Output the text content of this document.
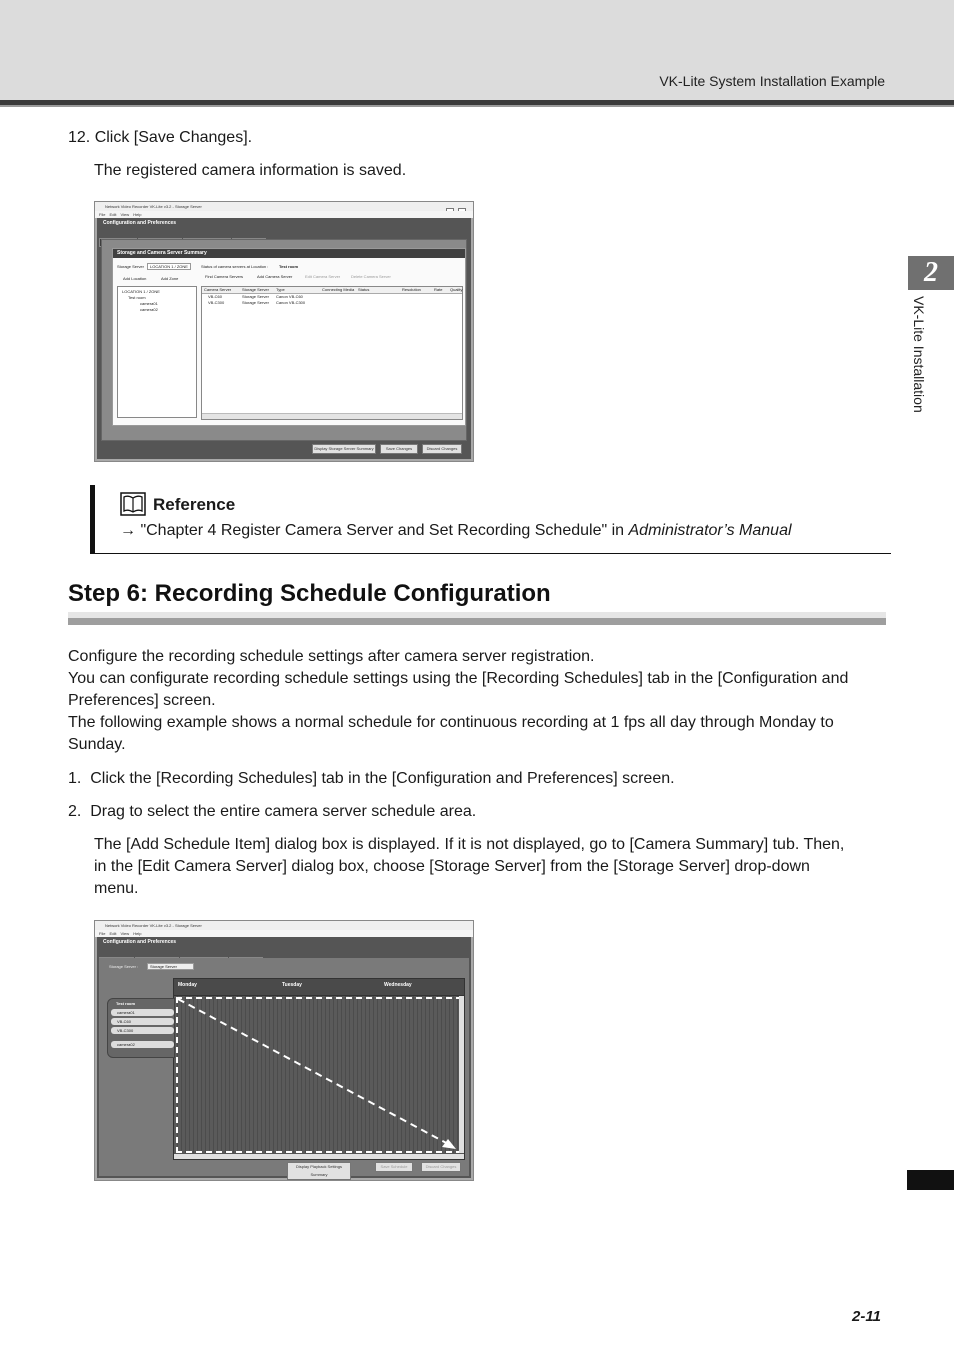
VK-Lite System Installation Example

12. Click [Save Changes].

The registered camera information is saved.

Network Video Recorder VK-Lite v3.2 - Storage Server

File Edit View Help
Configuration and Preferences
Storage and Camera Server Summary
Storage Server	LOCATION 1 / ZONE	Status of camera servers at Location :	Test room
Add Location	Add Zone	Find Camera Servers	Add Camera Server	Edit Camera Server	Delete Camera Server
LOCATION 1 / ZONE
Test room
camera01
camera02
Camera Server	Storage Server Type	Connecting Media Status	Resolution	Rate Quality
VB-C60	Storage Server Canon VB-C60
VB-C300	Storage Server Canon VB-C300
Display Storage Server Summary	Save Changes	Discard Changes
Reference
→ "Chapter 4 Register Camera Server and Set Recording Schedule" in Administrator’s Manual
Step 6: Recording Schedule Configuration

Configure the recording schedule settings after camera server registration.

You can configurate recording schedule settings using the [Recording Schedules] tab in the [Configuration and
Preferences] screen.

The following example shows a normal schedule for continuous recording at 1 fps all day through Monday to Sunday.

1.  Click the [Recording Schedules] tab in the [Configuration and Preferences] screen.

2.  Drag to select the entire camera server schedule area.

The [Add Schedule Item] dialog box is displayed. If it is not displayed, go to [Camera Summary] tub. Then,
in the [Edit Camera Server] dialog box, choose [Storage Server] from the [Storage Server] drop-down
menu.

Network Video Recorder VK-Lite v3.2 - Storage Server
File Edit View Help
Configuration and Preferences
Storage Server :	Storage Server
Monday	Tuesday	Wednesday
Test room
camera01
VB-C60
VB-C300
camera02
Display Playback Settings Summary
Save Schedule	Discard Changes
2
VK-Lite Installation
2-11
